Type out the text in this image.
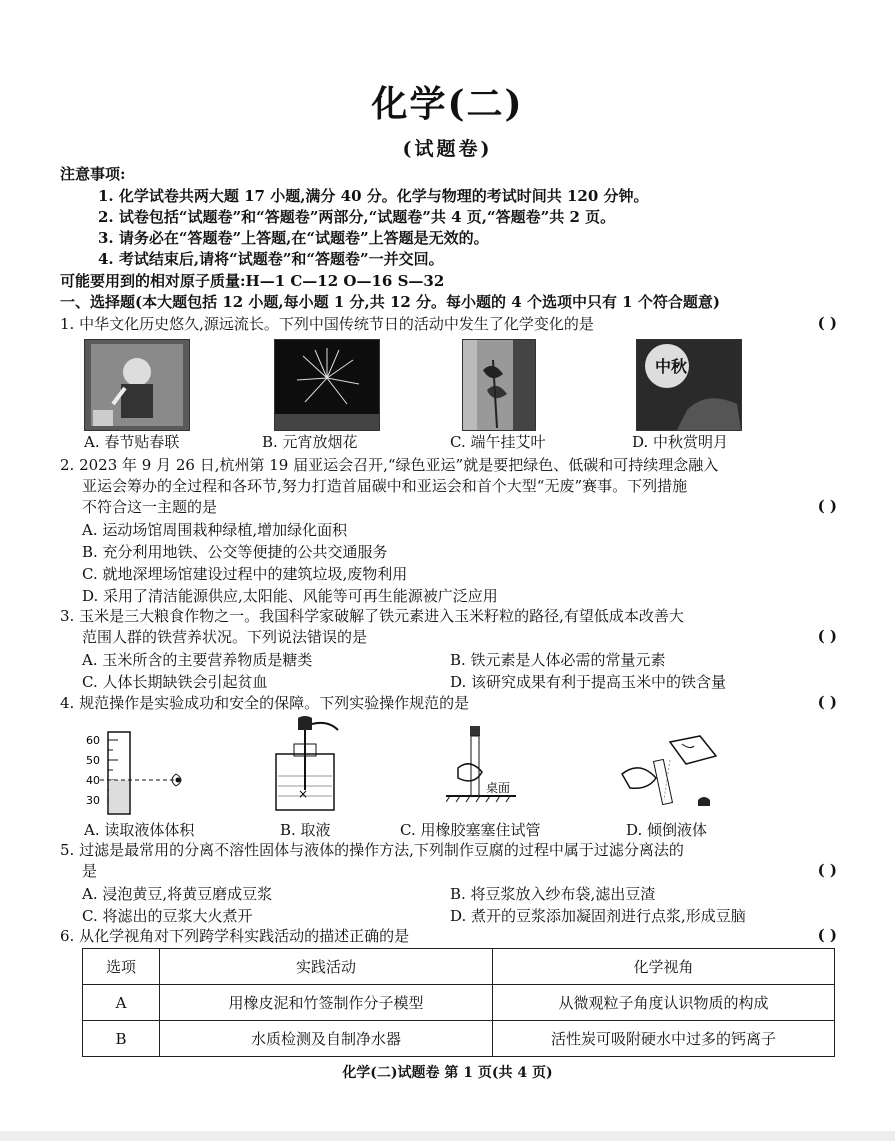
化学(二)
(试题卷)
注意事项:
1. 化学试卷共两大题 17 小题,满分 40 分。化学与物理的考试时间共 120 分钟。
2. 试卷包括“试题卷”和“答题卷”两部分,“试题卷”共 4 页,“答题卷”共 2 页。
3. 请务必在“答题卷”上答题,在“试题卷”上答题是无效的。
4. 考试结束后,请将“试题卷”和“答题卷”一并交回。
可能要用到的相对原子质量:H—1 C—12 O—16 S—32
一、选择题(本大题包括 12 小题,每小题 1 分,共 12 分。每小题的 4 个选项中只有 1 个符合题意)
1. 中华文化历史悠久,源远流长。下列中国传统节日的活动中发生了化学变化的是	( )
中秋
A. 春节贴春联	B. 元宵放烟花	C. 端午挂艾叶	D. 中秋赏明月
2. 2023 年 9 月 26 日,杭州第 19 届亚运会召开,“绿色亚运”就是要把绿色、低碳和可持续理念融入
亚运会筹办的全过程和各环节,努力打造首届碳中和亚运会和首个大型“无废”赛事。下列措施
不符合这一主题的是	( )
A. 运动场馆周围栽种绿植,增加绿化面积
B. 充分利用地铁、公交等便捷的公共交通服务
C. 就地深埋场馆建设过程中的建筑垃圾,废物利用
D. 采用了清洁能源供应,太阳能、风能等可再生能源被广泛应用
3. 玉米是三大粮食作物之一。我国科学家破解了铁元素进入玉米籽粒的路径,有望低成本改善大
范围人群的铁营养状况。下列说法错误的是	( )
A. 玉米所含的主要营养物质是糖类	B. 铁元素是人体必需的常量元素
C. 人体长期缺铁会引起贫血	D. 该研究成果有利于提高玉米中的铁含量
4. 规范操作是实验成功和安全的保障。下列实验操作规范的是	( )
60
50
40
30	×	桌面
A. 读取液体体积	B. 取液	C. 用橡胶塞塞住试管	D. 倾倒液体
5. 过滤是最常用的分离不溶性固体与液体的操作方法,下列制作豆腐的过程中属于过滤分离法的
是	( )
A. 浸泡黄豆,将黄豆磨成豆浆	B. 将豆浆放入纱布袋,滤出豆渣
C. 将滤出的豆浆大火煮开	D. 煮开的豆浆添加凝固剂进行点浆,形成豆脑
6. 从化学视角对下列跨学科实践活动的描述正确的是	( )
选项	实践活动	化学视角
A	用橡皮泥和竹签制作分子模型	从微观粒子角度认识物质的构成
B	水质检测及自制净水器	活性炭可吸附硬水中过多的钙离子
化学(二)试题卷 第 1 页(共 4 页)
